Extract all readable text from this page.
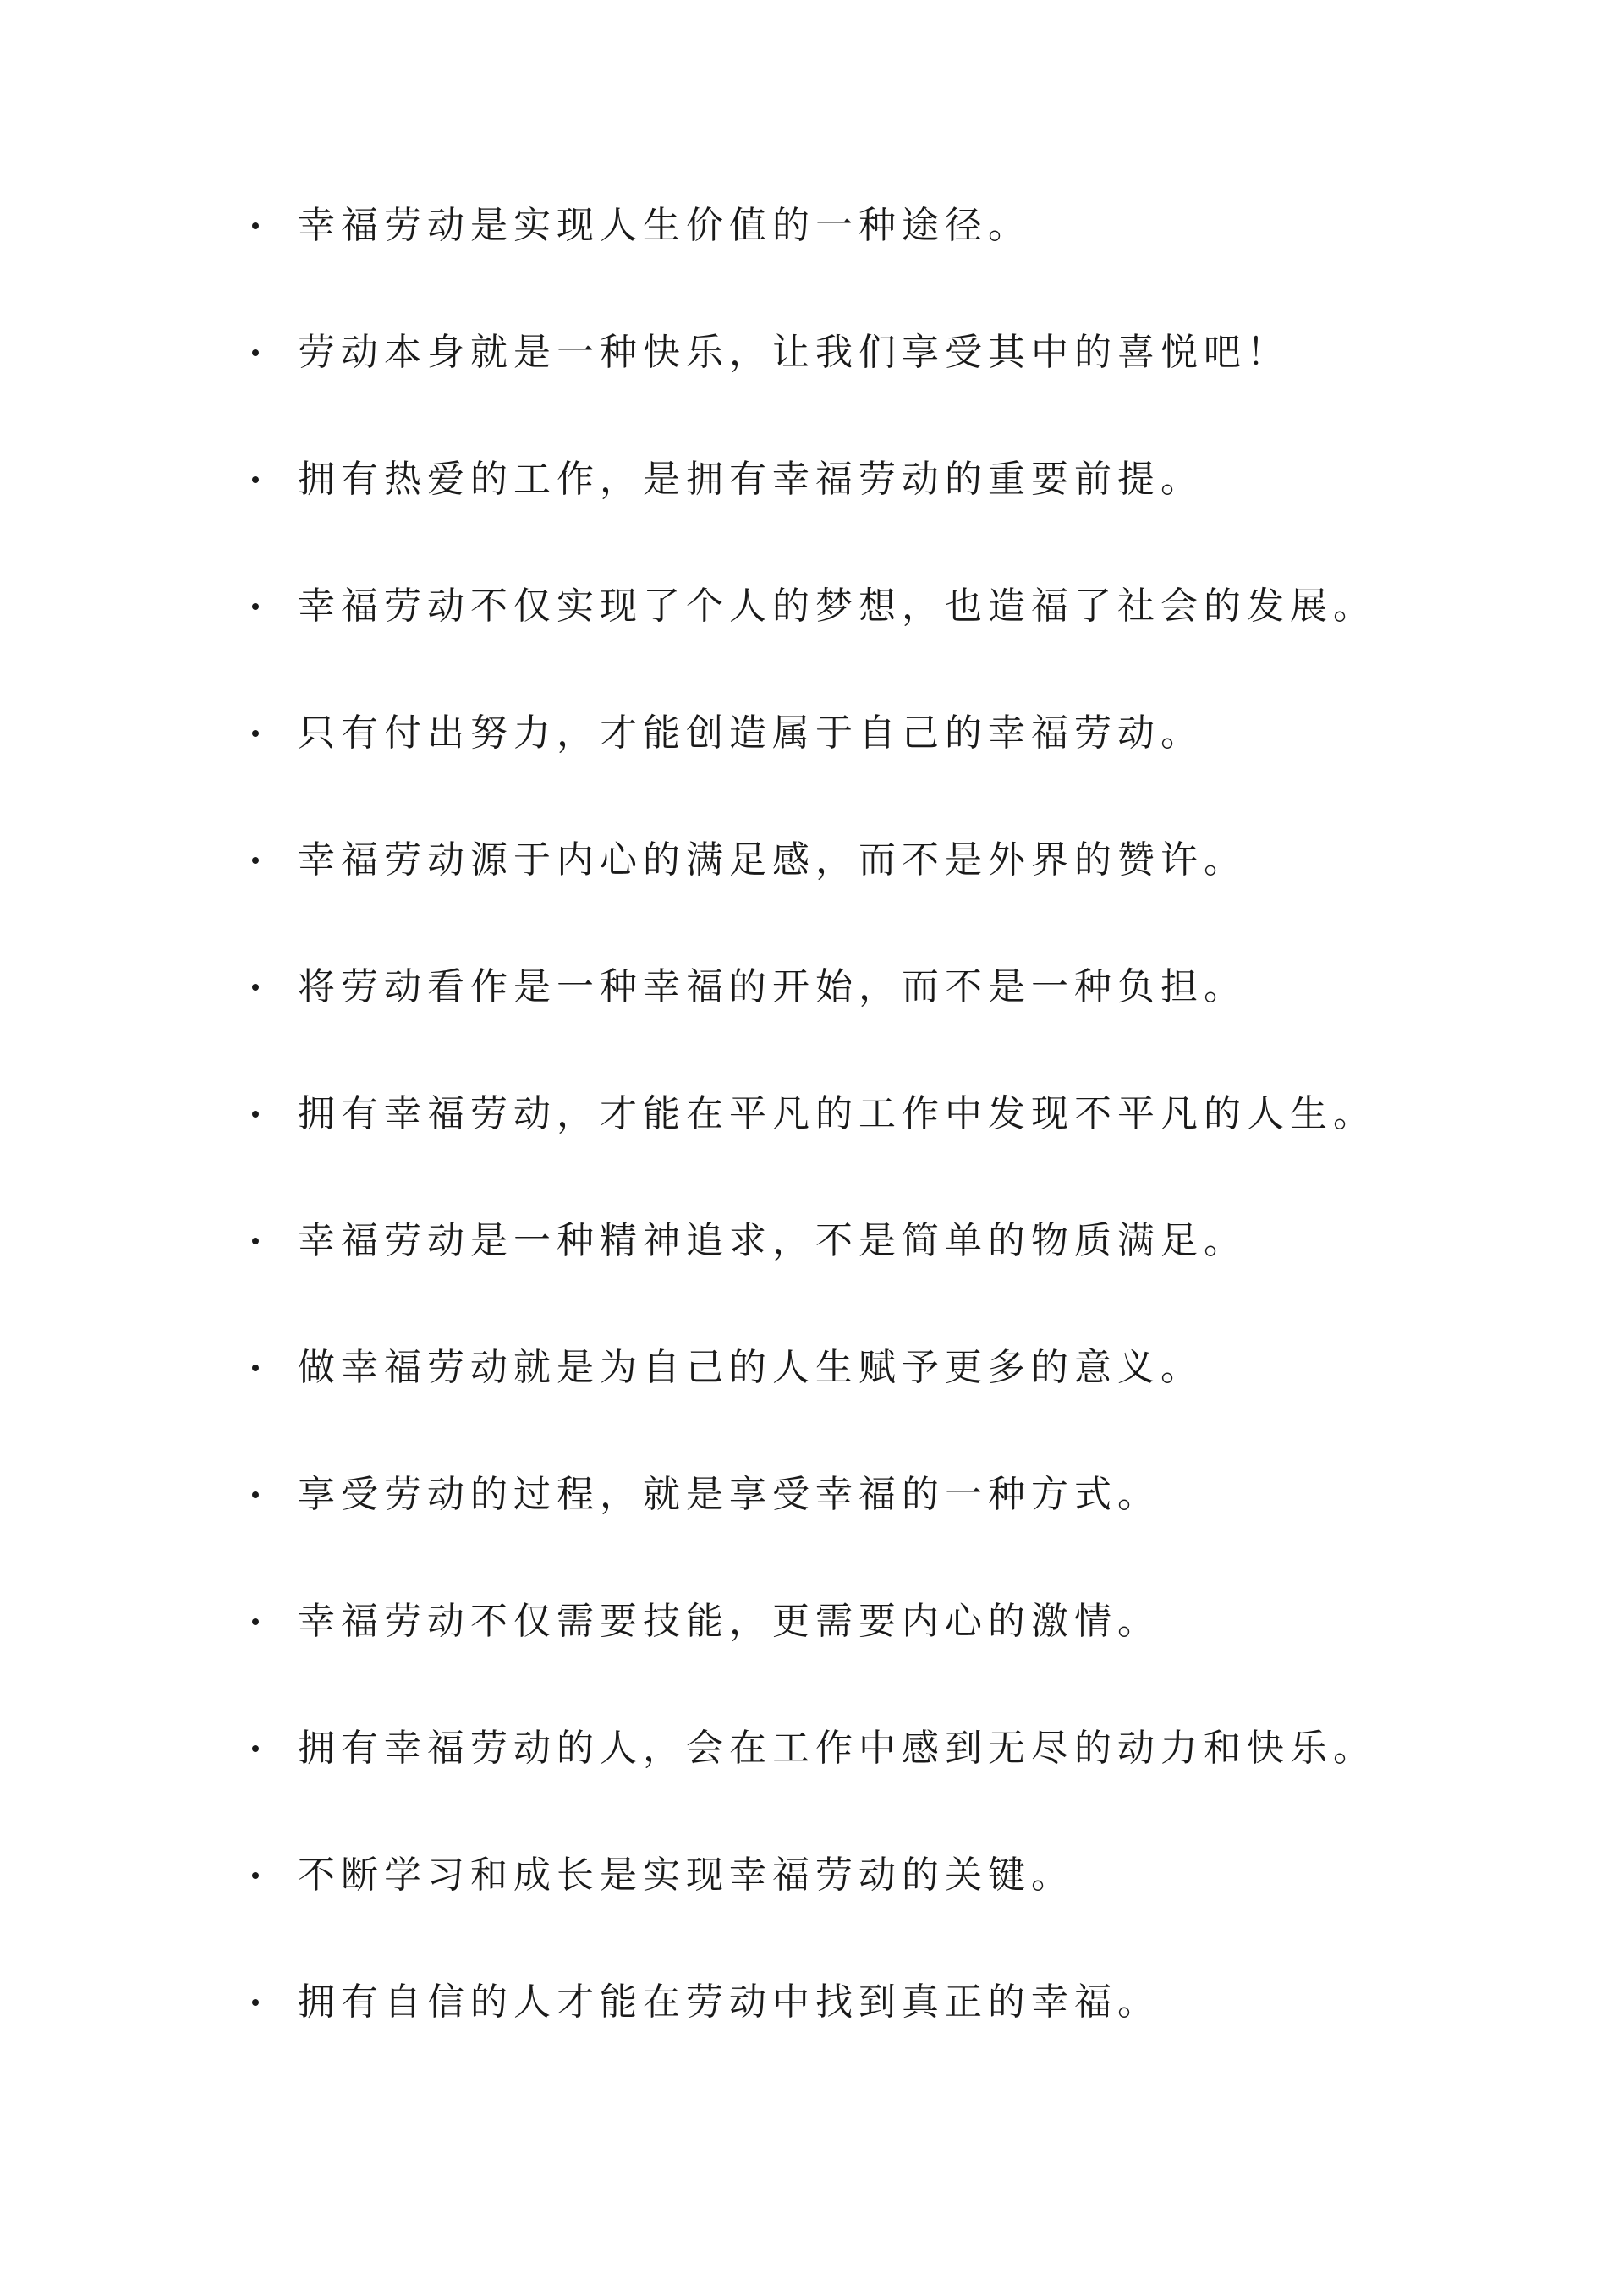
幸福劳动是实现人生价值的一种途径。
劳动本身就是一种快乐，让我们享受其中的喜悦吧！
拥有热爱的工作，是拥有幸福劳动的重要前提。
幸福劳动不仅实现了个人的梦想，也造福了社会的发展。
只有付出努力，才能创造属于自己的幸福劳动。
幸福劳动源于内心的满足感，而不是外界的赞许。
将劳动看作是一种幸福的开始，而不是一种负担。
拥有幸福劳动，才能在平凡的工作中发现不平凡的人生。
幸福劳动是一种精神追求，不是简单的物质满足。
做幸福劳动就是为自己的人生赋予更多的意义。
享受劳动的过程，就是享受幸福的一种方式。
幸福劳动不仅需要技能，更需要内心的激情。
拥有幸福劳动的人，会在工作中感到无尽的动力和快乐。
不断学习和成长是实现幸福劳动的关键。
拥有自信的人才能在劳动中找到真正的幸福。
